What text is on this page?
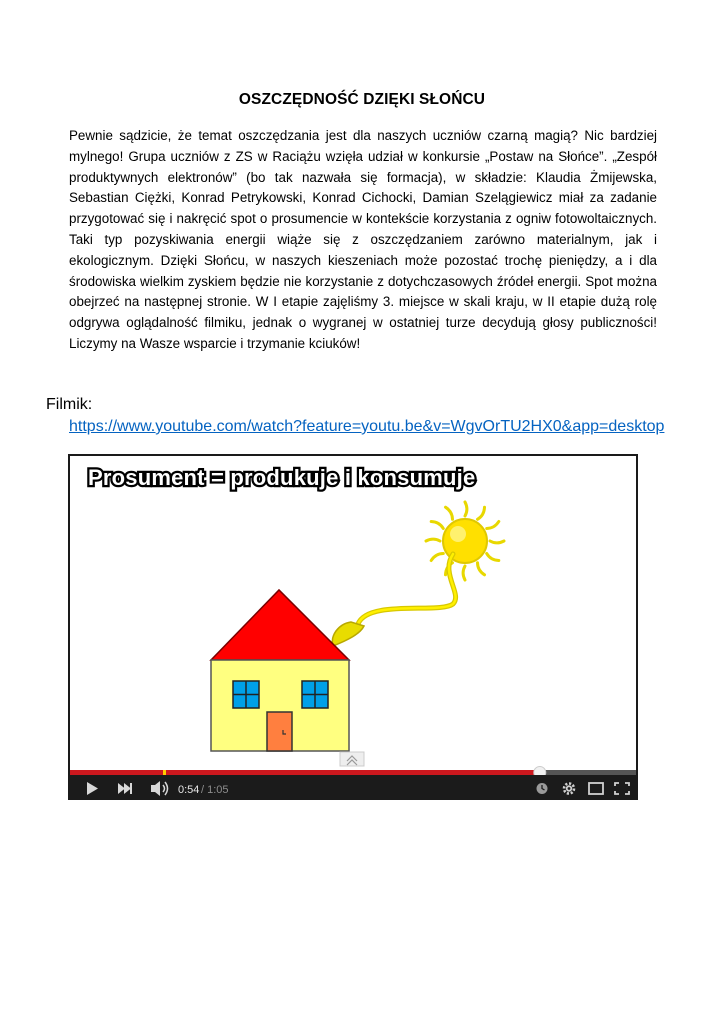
OSZCZĘDNOŚĆ DZIĘKI SŁOŃCU
Pewnie sądzicie, że temat oszczędzania jest dla naszych uczniów czarną magią? Nic bardziej mylnego! Grupa uczniów z ZS w Raciążu wzięła udział w konkursie „Postaw na Słońce”. „Zespół produktywnych elektronów” (bo tak nazwała się formacja), w składzie: Klaudia Żmijewska, Sebastian Ciężki, Konrad Petrykowski, Konrad Cichocki, Damian Szelągiewicz miał za zadanie przygotować się i nakręcić spot o prosumencie w kontekście korzystania z ogniw fotowoltaicznych. Taki typ pozyskiwania energii wiąże się z oszczędzaniem zarówno materialnym, jak i ekologicznym. Dzięki Słońcu, w naszych kieszeniach może pozostać trochę pieniędzy, a i dla środowiska wielkim zyskiem będzie nie korzystanie z dotychczasowych źródeł energii. Spot można obejrzeć na następnej stronie. W I etapie zajęliśmy 3. miejsce w skali kraju, w II etapie dużą rolę odgrywa oglądalność filmiku, jednak o wygranej w ostatniej turze decydują głosy publiczności! Liczymy na Wasze wsparcie i trzymanie kciuków!
Filmik:
https://www.youtube.com/watch?feature=youtu.be&v=WgvOrTU2HX0&app=desktop
Prosument = produkuje i konsumuje
0:54 / 1:05
